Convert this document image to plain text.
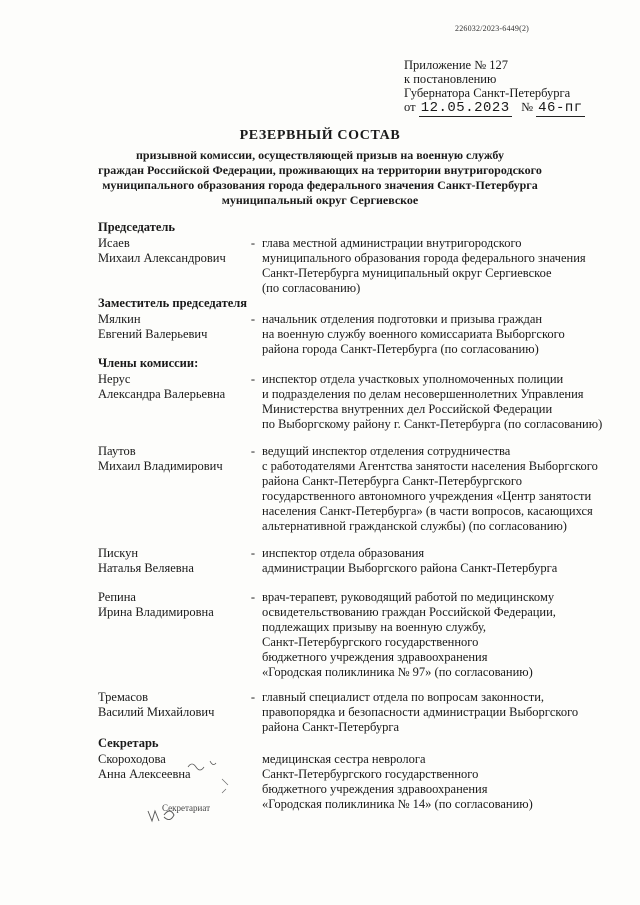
226032/2023-6449(2)
Приложение № 127
к постановлению
Губернатора Санкт-Петербурга
от 12.05.2023 № 46-пг
РЕЗЕРВНЫЙ СОСТАВ
призывной комиссии, осуществляющей призыв на военную службу
граждан Российской Федерации, проживающих на территории внутригородского
муниципального образования города федерального значения Санкт-Петербурга
муниципальный округ Сергиевское
Председатель
Исаев
Михаил Александрович
- глава местной администрации внутригородского
муниципального образования города федерального значения
Санкт-Петербурга муниципальный округ Сергиевское
(по согласованию)
Заместитель председателя
Мялкин
Евгений Валерьевич
- начальник отделения подготовки и призыва граждан
на военную службу военного комиссариата Выборгского
района города Санкт-Петербурга (по согласованию)
Члены комиссии:
Нерус
Александра Валерьевна
- инспектор отдела участковых уполномоченных полиции
и подразделения по делам несовершеннолетних Управления
Министерства внутренних дел Российской Федерации
по Выборгскому району г. Санкт-Петербурга (по согласованию)
Паутов
Михаил Владимирович
- ведущий инспектор отделения сотрудничества
с работодателями Агентства занятости населения Выборгского
района Санкт-Петербурга Санкт-Петербургского
государственного автономного учреждения «Центр занятости
населения Санкт-Петербурга» (в части вопросов, касающихся
альтернативной гражданской службы) (по согласованию)
Пискун
Наталья Веляевна
- инспектор отдела образования
администрации Выборгского района Санкт-Петербурга
Репина
Ирина Владимировна
- врач-терапевт, руководящий работой по медицинскому
освидетельствованию граждан Российской Федерации,
подлежащих призыву на военную службу,
Санкт-Петербургского государственного
бюджетного учреждения здравоохранения
«Городская поликлиника № 97» (по согласованию)
Тремасов
Василий Михайлович
- главный специалист отдела по вопросам законности,
правопорядка и безопасности администрации Выборгского
района Санкт-Петербурга
Секретарь
Скороходова
Анна Алексеевна
медицинская сестра невролога
Санкт-Петербургского государственного
бюджетного учреждения здравоохранения
«Городская поликлиника № 14» (по согласованию)
Секретариат
